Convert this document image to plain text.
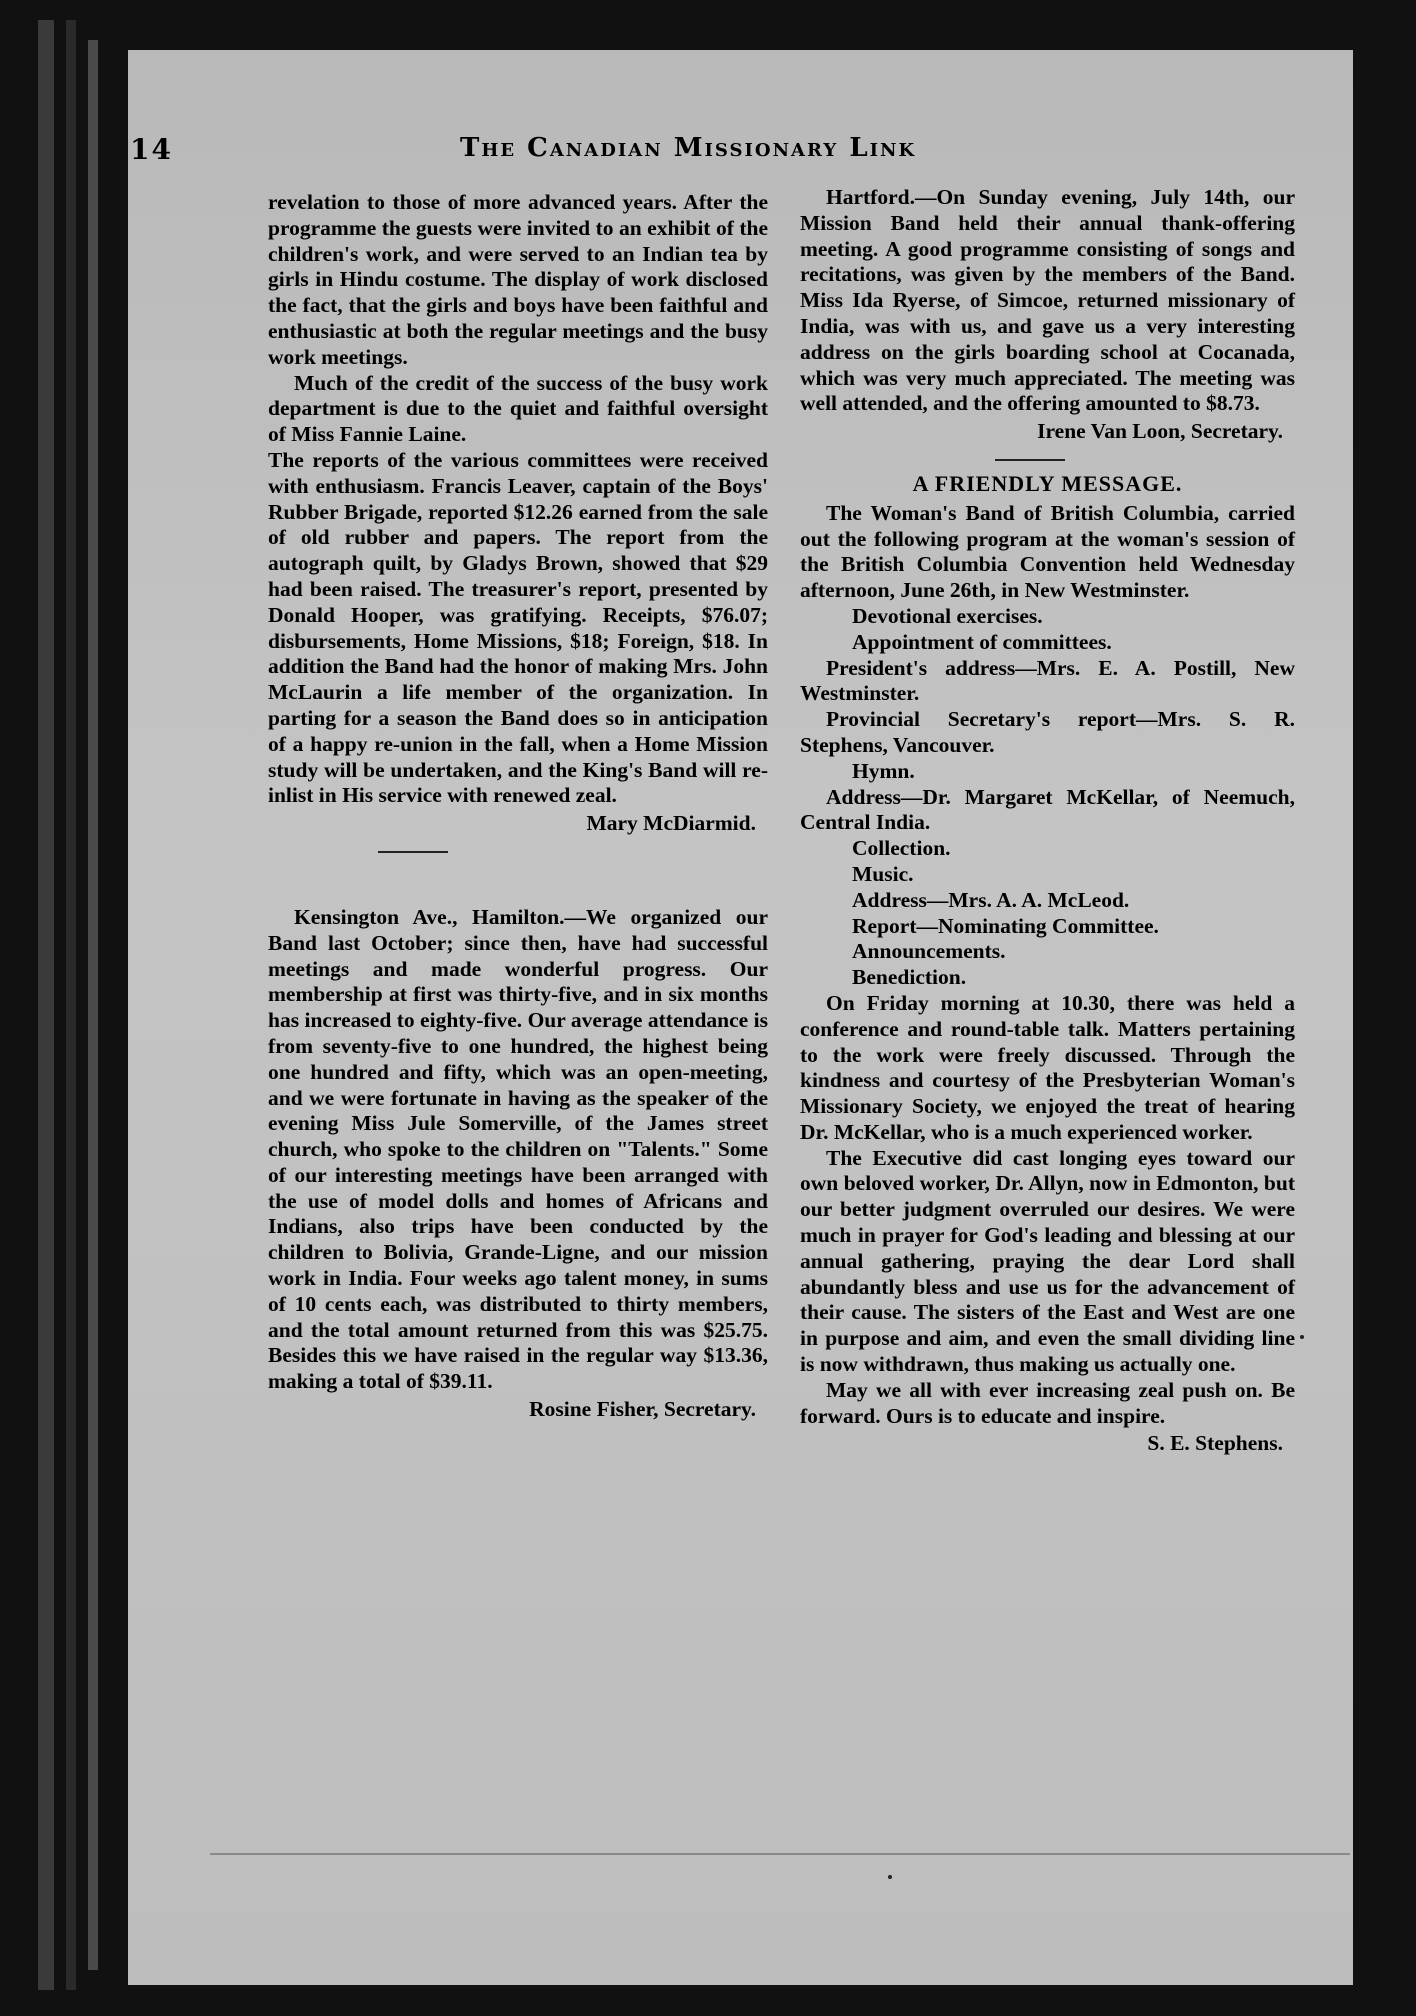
14	The Canadian Missionary Link

revelation to those of more advanced years. After the programme the guests were invited to an exhibit of the children's work, and were served to an Indian tea by girls in Hindu costume. The display of work disclosed the fact, that the girls and boys have been faithful and enthusiastic at both the regular meetings and the busy work meetings.

Much of the credit of the success of the busy work department is due to the quiet and faithful oversight of Miss Fannie Laine.

The reports of the various committees were received with enthusiasm. Francis Leaver, captain of the Boys' Rubber Brigade, reported $12.26 earned from the sale of old rubber and papers. The report from the autograph quilt, by Gladys Brown, showed that $29 had been raised. The treasurer's report, presented by Donald Hooper, was gratifying. Receipts, $76.07; disbursements, Home Missions, $18; Foreign, $18. In addition the Band had the honor of making Mrs. John McLaurin a life member of the organization. In parting for a season the Band does so in anticipation of a happy re-union in the fall, when a Home Mission study will be undertaken, and the King's Band will re-inlist in His service with renewed zeal.

Mary McDiarmid.

Kensington Ave., Hamilton.—We organized our Band last October; since then, have had successful meetings and made wonderful progress. Our membership at first was thirty-five, and in six months has increased to eighty-five. Our average attendance is from seventy-five to one hundred, the highest being one hundred and fifty, which was an open-meeting, and we were fortunate in having as the speaker of the evening Miss Jule Somerville, of the James street church, who spoke to the children on "Talents." Some of our interesting meetings have been arranged with the use of model dolls and homes of Africans and Indians, also trips have been conducted by the children to Bolivia, Grande-Ligne, and our mission work in India. Four weeks ago talent money, in sums of 10 cents each, was distributed to thirty members, and the total amount returned from this was $25.75. Besides this we have raised in the regular way $13.36, making a total of $39.11.

Rosine Fisher, Secretary.

Hartford.—On Sunday evening, July 14th, our Mission Band held their annual thank-offering meeting. A good programme consisting of songs and recitations, was given by the members of the Band. Miss Ida Ryerse, of Simcoe, returned missionary of India, was with us, and gave us a very interesting address on the girls boarding school at Cocanada, which was very much appreciated. The meeting was well attended, and the offering amounted to $8.73.

Irene Van Loon, Secretary.
A FRIENDLY MESSAGE.

The Woman's Band of British Columbia, carried out the following program at the woman's session of the British Columbia Convention held Wednesday afternoon, June 26th, in New Westminster.

Devotional exercises.

Appointment of committees.

President's address—Mrs. E. A. Postill, New Westminster.

Provincial Secretary's report—Mrs. S. R. Stephens, Vancouver.

Hymn.

Address—Dr. Margaret McKellar, of Neemuch, Central India.

Collection.

Music.

Address—Mrs. A. A. McLeod.

Report—Nominating Committee.

Announcements.

Benediction.

On Friday morning at 10.30, there was held a conference and round-table talk. Matters pertaining to the work were freely discussed. Through the kindness and courtesy of the Presbyterian Woman's Missionary Society, we enjoyed the treat of hearing Dr. McKellar, who is a much experienced worker.

The Executive did cast longing eyes toward our own beloved worker, Dr. Allyn, now in Edmonton, but our better judgment overruled our desires. We were much in prayer for God's leading and blessing at our annual gathering, praying the dear Lord shall abundantly bless and use us for the advancement of their cause. The sisters of the East and West are one in purpose and aim, and even the small dividing line is now withdrawn, thus making us actually one.

May we all with ever increasing zeal push on. Be forward. Ours is to educate and inspire.

S. E. Stephens.
